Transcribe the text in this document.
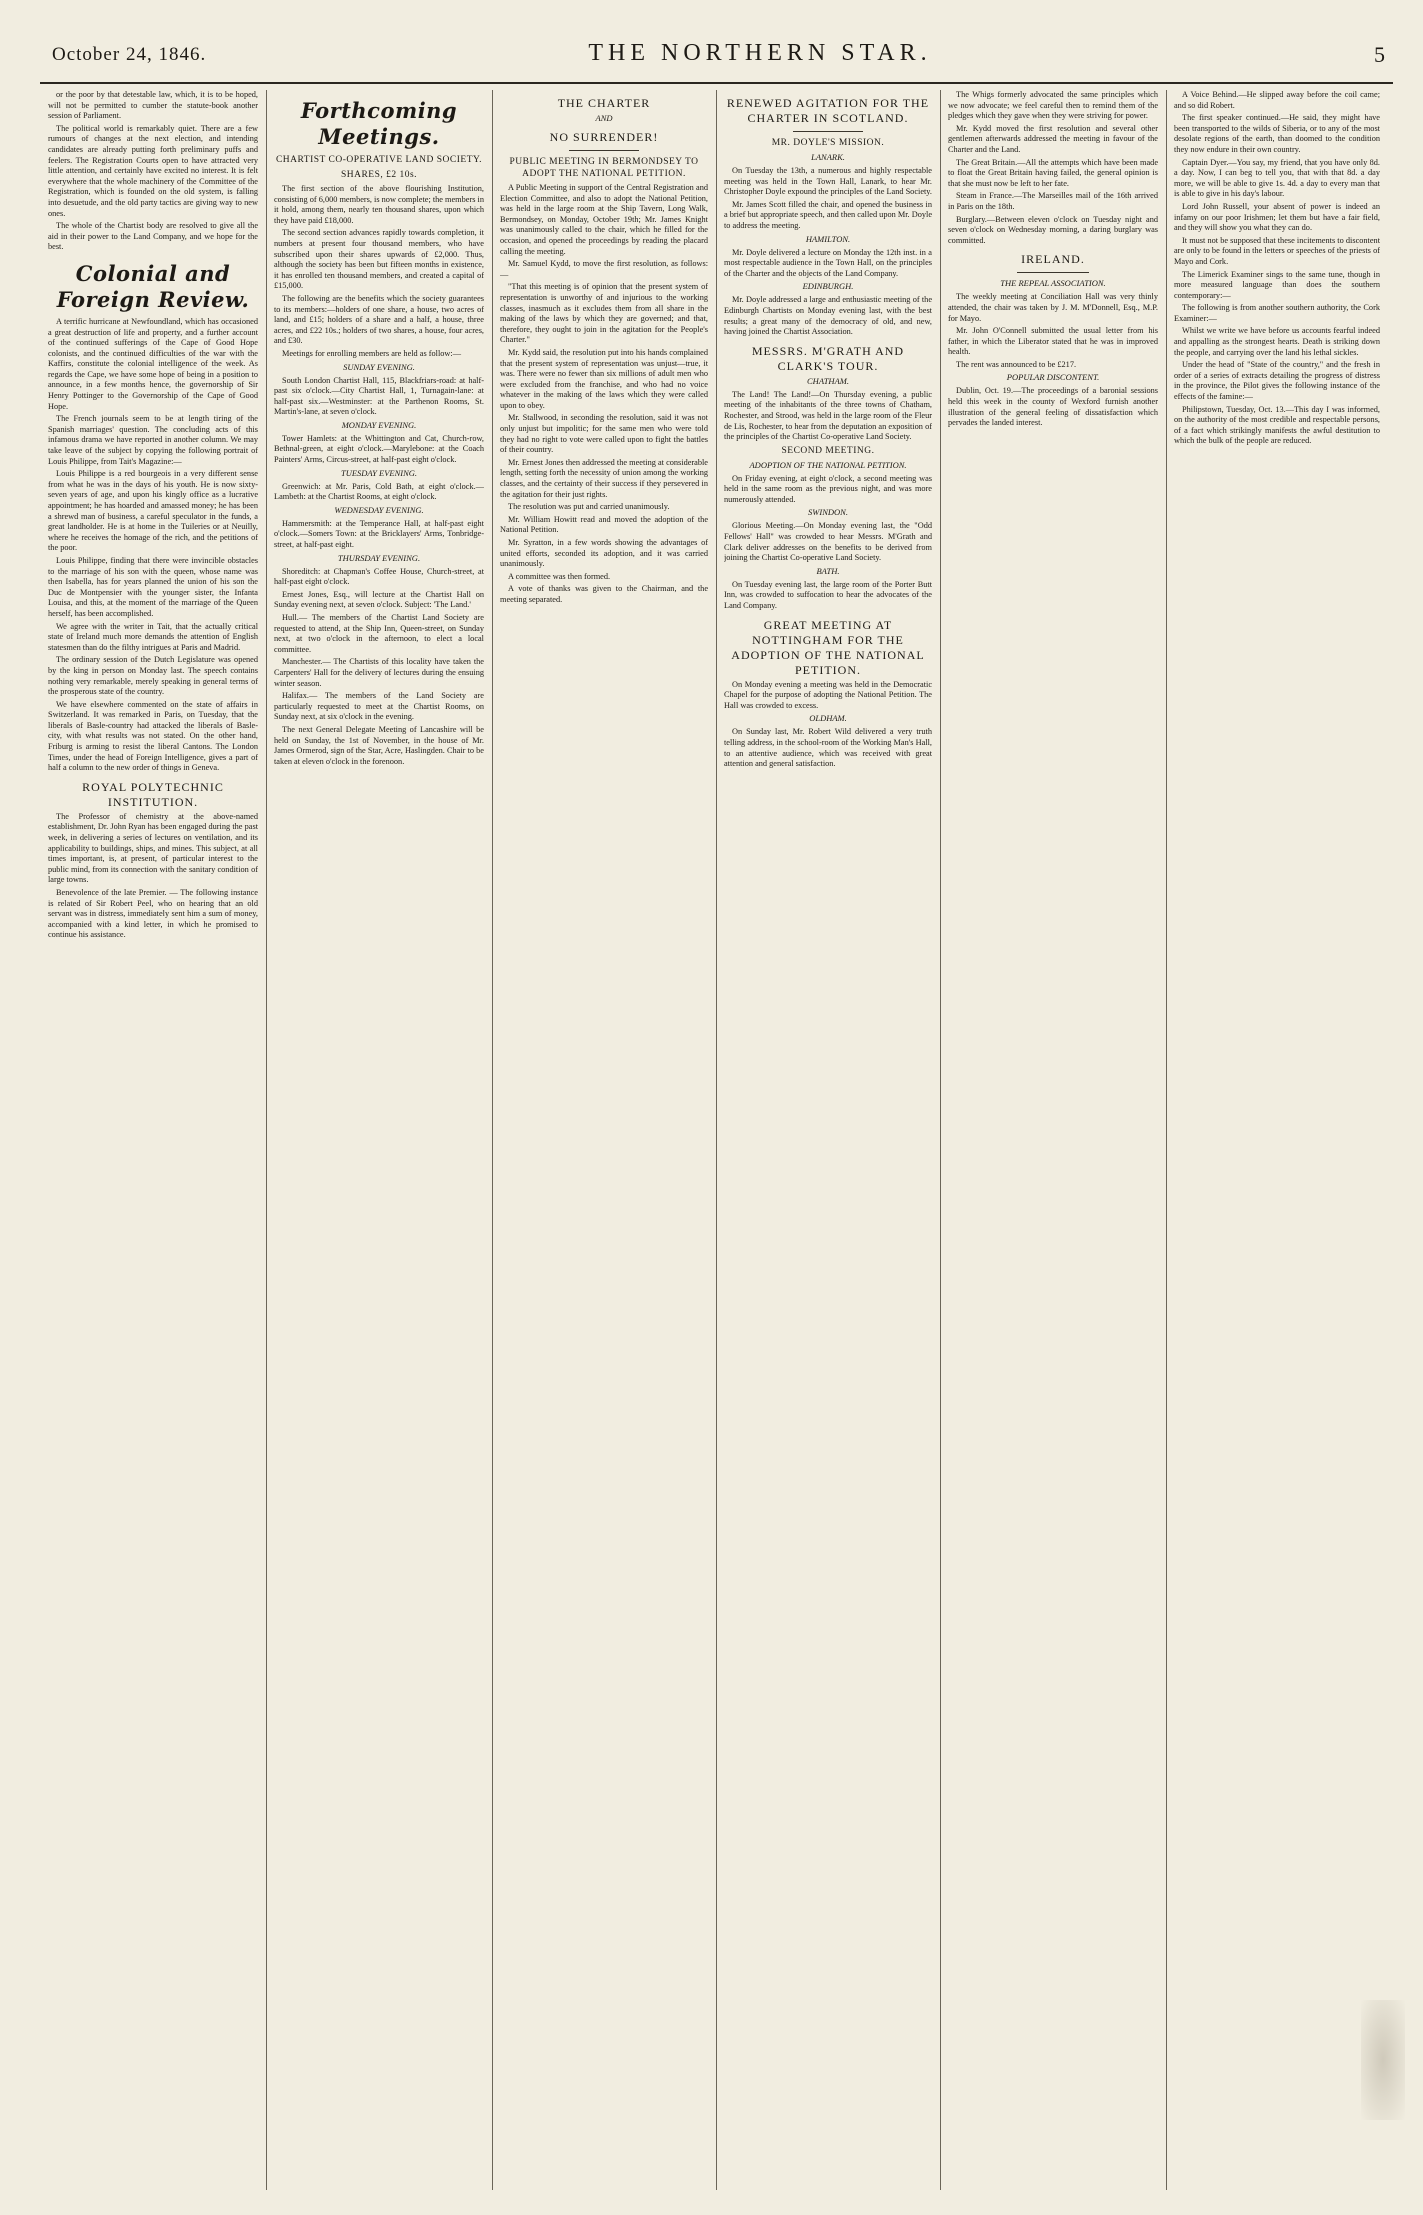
October 24, 1846.	THE NORTHERN STAR.	5

or the poor by that detestable law, which, it is to be hoped, will not be permitted to cumber the statute-book another session of Parliament.

The political world is remarkably quiet. There are a few rumours of changes at the next election, and intending candidates are already putting forth preliminary puffs and feelers. The Registration Courts open to have attracted very little attention, and certainly have excited no interest. It is felt everywhere that the whole machinery of the Committee of the Registration, which is founded on the old system, is falling into desuetude, and the old party tactics are giving way to new ones.

The whole of the Chartist body are resolved to give all the aid in their power to the Land Company, and we hope for the best.

Colonial and Foreign Review.

A terrific hurricane at Newfoundland, which has occasioned a great destruction of life and property, and a further account of the continued sufferings of the Cape of Good Hope colonists, and the continued difficulties of the war with the Kaffirs, constitute the colonial intelligence of the week. As regards the Cape, we have some hope of being in a position to announce, in a few months hence, the governorship of Sir Henry Pottinger to the Governorship of the Cape of Good Hope.

The French journals seem to be at length tiring of the Spanish marriages' question. The concluding acts of this infamous drama we have reported in another column. We may take leave of the subject by copying the following portrait of Louis Philippe, from Tait's Magazine:—

Louis Philippe is a red bourgeois in a very different sense from what he was in the days of his youth. He is now sixty-seven years of age, and upon his kingly office as a lucrative appointment; he has hoarded and amassed money; he has been a shrewd man of business, a careful speculator in the funds, a great landholder. He is at home in the Tuileries or at Neuilly, where he receives the homage of the rich, and the petitions of the poor.

Louis Philippe, finding that there were invincible obstacles to the marriage of his son with the queen, whose name was then Isabella, has for years planned the union of his son the Duc de Montpensier with the younger sister, the Infanta Louisa, and this, at the moment of the marriage of the Queen herself, has been accomplished.

We agree with the writer in Tait, that the actually critical state of Ireland much more demands the attention of English statesmen than do the filthy intrigues at Paris and Madrid.

The ordinary session of the Dutch Legislature was opened by the king in person on Monday last. The speech contains nothing very remarkable, merely speaking in general terms of the prosperous state of the country.

We have elsewhere commented on the state of affairs in Switzerland. It was remarked in Paris, on Tuesday, that the liberals of Basle-country had attacked the liberals of Basle-city, with what results was not stated. On the other hand, Friburg is arming to resist the liberal Cantons. The London Times, under the head of Foreign Intelligence, gives a part of half a column to the new order of things in Geneva.

ROYAL POLYTECHNIC INSTITUTION.

The Professor of chemistry at the above-named establishment, Dr. John Ryan has been engaged during the past week, in delivering a series of lectures on ventilation, and its applicability to buildings, ships, and mines. This subject, at all times important, is, at present, of particular interest to the public mind, from its connection with the sanitary condition of large towns.

Benevolence of the late Premier. — The following instance is related of Sir Robert Peel, who on hearing that an old servant was in distress, immediately sent him a sum of money, accompanied with a kind letter, in which he promised to continue his assistance.

Forthcoming Meetings.
CHARTIST CO-OPERATIVE LAND SOCIETY.
SHARES, £2 10s.

The first section of the above flourishing Institution, consisting of 6,000 members, is now complete; the members in it hold, among them, nearly ten thousand shares, upon which they have paid £18,000.

The second section advances rapidly towards completion, it numbers at present four thousand members, who have subscribed upon their shares upwards of £2,000. Thus, although the society has been but fifteen months in existence, it has enrolled ten thousand members, and created a capital of £15,000.

The following are the benefits which the society guarantees to its members:—holders of one share, a house, two acres of land, and £15; holders of a share and a half, a house, three acres, and £22 10s.; holders of two shares, a house, four acres, and £30.

Meetings for enrolling members are held as follow:—

SUNDAY EVENING.

South London Chartist Hall, 115, Blackfriars-road: at half-past six o'clock.—City Chartist Hall, 1, Turnagain-lane: at half-past six.—Westminster: at the Parthenon Rooms, St. Martin's-lane, at seven o'clock.

MONDAY EVENING.

Tower Hamlets: at the Whittington and Cat, Church-row, Bethnal-green, at eight o'clock.—Marylebone: at the Coach Painters' Arms, Circus-street, at half-past eight o'clock.

TUESDAY EVENING.

Greenwich: at Mr. Paris, Cold Bath, at eight o'clock.—Lambeth: at the Chartist Rooms, at eight o'clock.

WEDNESDAY EVENING.

Hammersmith: at the Temperance Hall, at half-past eight o'clock.—Somers Town: at the Bricklayers' Arms, Tonbridge-street, at half-past eight.

THURSDAY EVENING.

Shoreditch: at Chapman's Coffee House, Church-street, at half-past eight o'clock.

Ernest Jones, Esq., will lecture at the Chartist Hall on Sunday evening next, at seven o'clock. Subject: 'The Land.'

Hull.— The members of the Chartist Land Society are requested to attend, at the Ship Inn, Queen-street, on Sunday next, at two o'clock in the afternoon, to elect a local committee.

Manchester.— The Chartists of this locality have taken the Carpenters' Hall for the delivery of lectures during the ensuing winter season.

Halifax.— The members of the Land Society are particularly requested to meet at the Chartist Rooms, on Sunday next, at six o'clock in the evening.

The next General Delegate Meeting of Lancashire will be held on Sunday, the 1st of November, in the house of Mr. James Ormerod, sign of the Star, Acre, Haslingden. Chair to be taken at eleven o'clock in the forenoon.

THE CHARTER
AND
NO SURRENDER!
PUBLIC MEETING IN BERMONDSEY TO ADOPT THE NATIONAL PETITION.

A Public Meeting in support of the Central Registration and Election Committee, and also to adopt the National Petition, was held in the large room at the Ship Tavern, Long Walk, Bermondsey, on Monday, October 19th; Mr. James Knight was unanimously called to the chair, which he filled for the occasion, and opened the proceedings by reading the placard calling the meeting.

Mr. Samuel Kydd, to move the first resolution, as follows:—

"That this meeting is of opinion that the present system of representation is unworthy of and injurious to the working classes, inasmuch as it excludes them from all share in the making of the laws by which they are governed; and that, therefore, they ought to join in the agitation for the People's Charter."

Mr. Kydd said, the resolution put into his hands complained that the present system of representation was unjust—true, it was. There were no fewer than six millions of adult men who were excluded from the franchise, and who had no voice whatever in the making of the laws which they were called upon to obey.

Mr. Stallwood, in seconding the resolution, said it was not only unjust but impolitic; for the same men who were told they had no right to vote were called upon to fight the battles of their country.

Mr. Ernest Jones then addressed the meeting at considerable length, setting forth the necessity of union among the working classes, and the certainty of their success if they persevered in the agitation for their just rights.

The resolution was put and carried unanimously.

Mr. William Howitt read and moved the adoption of the National Petition.

Mr. Syratton, in a few words showing the advantages of united efforts, seconded its adoption, and it was carried unanimously.

A committee was then formed.

A vote of thanks was given to the Chairman, and the meeting separated.

RENEWED AGITATION FOR THE CHARTER IN SCOTLAND.
MR. DOYLE'S MISSION.
LANARK.

On Tuesday the 13th, a numerous and highly respectable meeting was held in the Town Hall, Lanark, to hear Mr. Christopher Doyle expound the principles of the Land Society.

Mr. James Scott filled the chair, and opened the business in a brief but appropriate speech, and then called upon Mr. Doyle to address the meeting.

HAMILTON.

Mr. Doyle delivered a lecture on Monday the 12th inst. in a most respectable audience in the Town Hall, on the principles of the Charter and the objects of the Land Company.

EDINBURGH.

Mr. Doyle addressed a large and enthusiastic meeting of the Edinburgh Chartists on Monday evening last, with the best results; a great many of the democracy of old, and new, having joined the Chartist Association.

MESSRS. M'GRATH AND CLARK'S TOUR.
CHATHAM.

The Land! The Land!—On Thursday evening, a public meeting of the inhabitants of the three towns of Chatham, Rochester, and Strood, was held in the large room of the Fleur de Lis, Rochester, to hear from the deputation an exposition of the principles of the Chartist Co-operative Land Society.

SECOND MEETING.
ADOPTION OF THE NATIONAL PETITION.

On Friday evening, at eight o'clock, a second meeting was held in the same room as the previous night, and was more numerously attended.

SWINDON.

Glorious Meeting.—On Monday evening last, the "Odd Fellows' Hall" was crowded to hear Messrs. M'Grath and Clark deliver addresses on the benefits to be derived from joining the Chartist Co-operative Land Society.

BATH.

On Tuesday evening last, the large room of the Porter Butt Inn, was crowded to suffocation to hear the advocates of the Land Company.

GREAT MEETING AT NOTTINGHAM FOR THE ADOPTION OF THE NATIONAL PETITION.

On Monday evening a meeting was held in the Democratic Chapel for the purpose of adopting the National Petition. The Hall was crowded to excess.

OLDHAM.

On Sunday last, Mr. Robert Wild delivered a very truth telling address, in the school-room of the Working Man's Hall, to an attentive audience, which was received with great attention and general satisfaction.

The Whigs formerly advocated the same principles which we now advocate; we feel careful then to remind them of the pledges which they gave when they were striving for power.

Mr. Kydd moved the first resolution and several other gentlemen afterwards addressed the meeting in favour of the Charter and the Land.

The Great Britain.—All the attempts which have been made to float the Great Britain having failed, the general opinion is that she must now be left to her fate.

Steam in France.—The Marseilles mail of the 16th arrived in Paris on the 18th.

Burglary.—Between eleven o'clock on Tuesday night and seven o'clock on Wednesday morning, a daring burglary was committed.

IRELAND.
THE REPEAL ASSOCIATION.

The weekly meeting at Conciliation Hall was very thinly attended, the chair was taken by J. M. M'Donnell, Esq., M.P. for Mayo.

Mr. John O'Connell submitted the usual letter from his father, in which the Liberator stated that he was in improved health.

The rent was announced to be £217.

POPULAR DISCONTENT.

Dublin, Oct. 19.—The proceedings of a baronial sessions held this week in the county of Wexford furnish another illustration of the general feeling of dissatisfaction which pervades the landed interest.

A Voice Behind.—He slipped away before the coil came; and so did Robert.

The first speaker continued.—He said, they might have been transported to the wilds of Siberia, or to any of the most desolate regions of the earth, than doomed to the condition they now endure in their own country.

Captain Dyer.—You say, my friend, that you have only 8d. a day. Now, I can beg to tell you, that with that 8d. a day more, we will be able to give 1s. 4d. a day to every man that is able to give in his day's labour.

Lord John Russell, your absent of power is indeed an infamy on our poor Irishmen; let them but have a fair field, and they will show you what they can do.

It must not be supposed that these incitements to discontent are only to be found in the letters or speeches of the priests of Mayo and Cork.

The Limerick Examiner sings to the same tune, though in more measured language than does the southern contemporary:—

The following is from another southern authority, the Cork Examiner:—

Whilst we write we have before us accounts fearful indeed and appalling as the strongest hearts. Death is striking down the people, and carrying over the land his lethal sickles.

Under the head of "State of the country," and the fresh in order of a series of extracts detailing the progress of distress in the province, the Pilot gives the following instance of the effects of the famine:—

Philipstown, Tuesday, Oct. 13.—This day I was informed, on the authority of the most credible and respectable persons, of a fact which strikingly manifests the awful destitution to which the bulk of the people are reduced.
